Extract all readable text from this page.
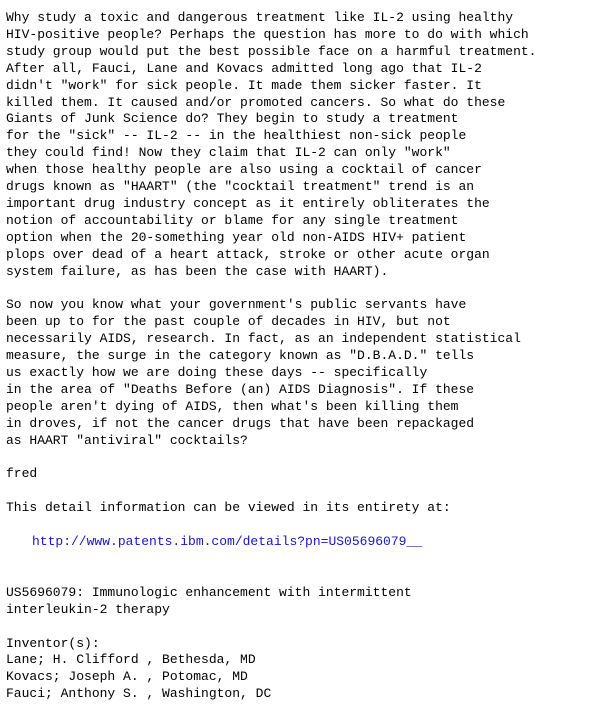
Why study a toxic and dangerous treatment like IL-2 using healthy
HIV-positive people? Perhaps the question has more to do with which
study group would put the best possible face on a harmful treatment.
After all, Fauci, Lane and Kovacs admitted long ago that IL-2
didn't "work" for sick people. It made them sicker faster. It
killed them. It caused and/or promoted cancers. So what do these
Giants of Junk Science do? They begin to study a treatment
for the "sick" -- IL-2 -- in the healthiest non-sick people
they could find! Now they claim that IL-2 can only "work"
when those healthy people are also using a cocktail of cancer
drugs known as "HAART" (the "cocktail treatment" trend is an
important drug industry concept as it entirely obliterates the
notion of accountability or blame for any single treatment
option when the 20-something year old non-AIDS HIV+ patient
plops over dead of a heart attack, stroke or other acute organ
system failure, as has been the case with HAART).
So now you know what your government's public servants have
been up to for the past couple of decades in HIV, but not
necessarily AIDS, research. In fact, as an independent statistical
measure, the surge in the category known as "D.B.A.D." tells
us exactly how we are doing these days -- specifically
in the area of "Deaths Before (an) AIDS Diagnosis". If these
people aren't dying of AIDS, then what's been killing them
in droves, if not the cancer drugs that have been repackaged
as HAART "antiviral" cocktails?
fred
This detail information can be viewed in its entirety at:
http://www.patents.ibm.com/details?pn=US05696079__
US5696079: Immunologic enhancement with intermittent
interleukin-2 therapy
Inventor(s):
Lane; H. Clifford , Bethesda, MD
Kovacs; Joseph A. , Potomac, MD
Fauci; Anthony S. , Washington, DC
